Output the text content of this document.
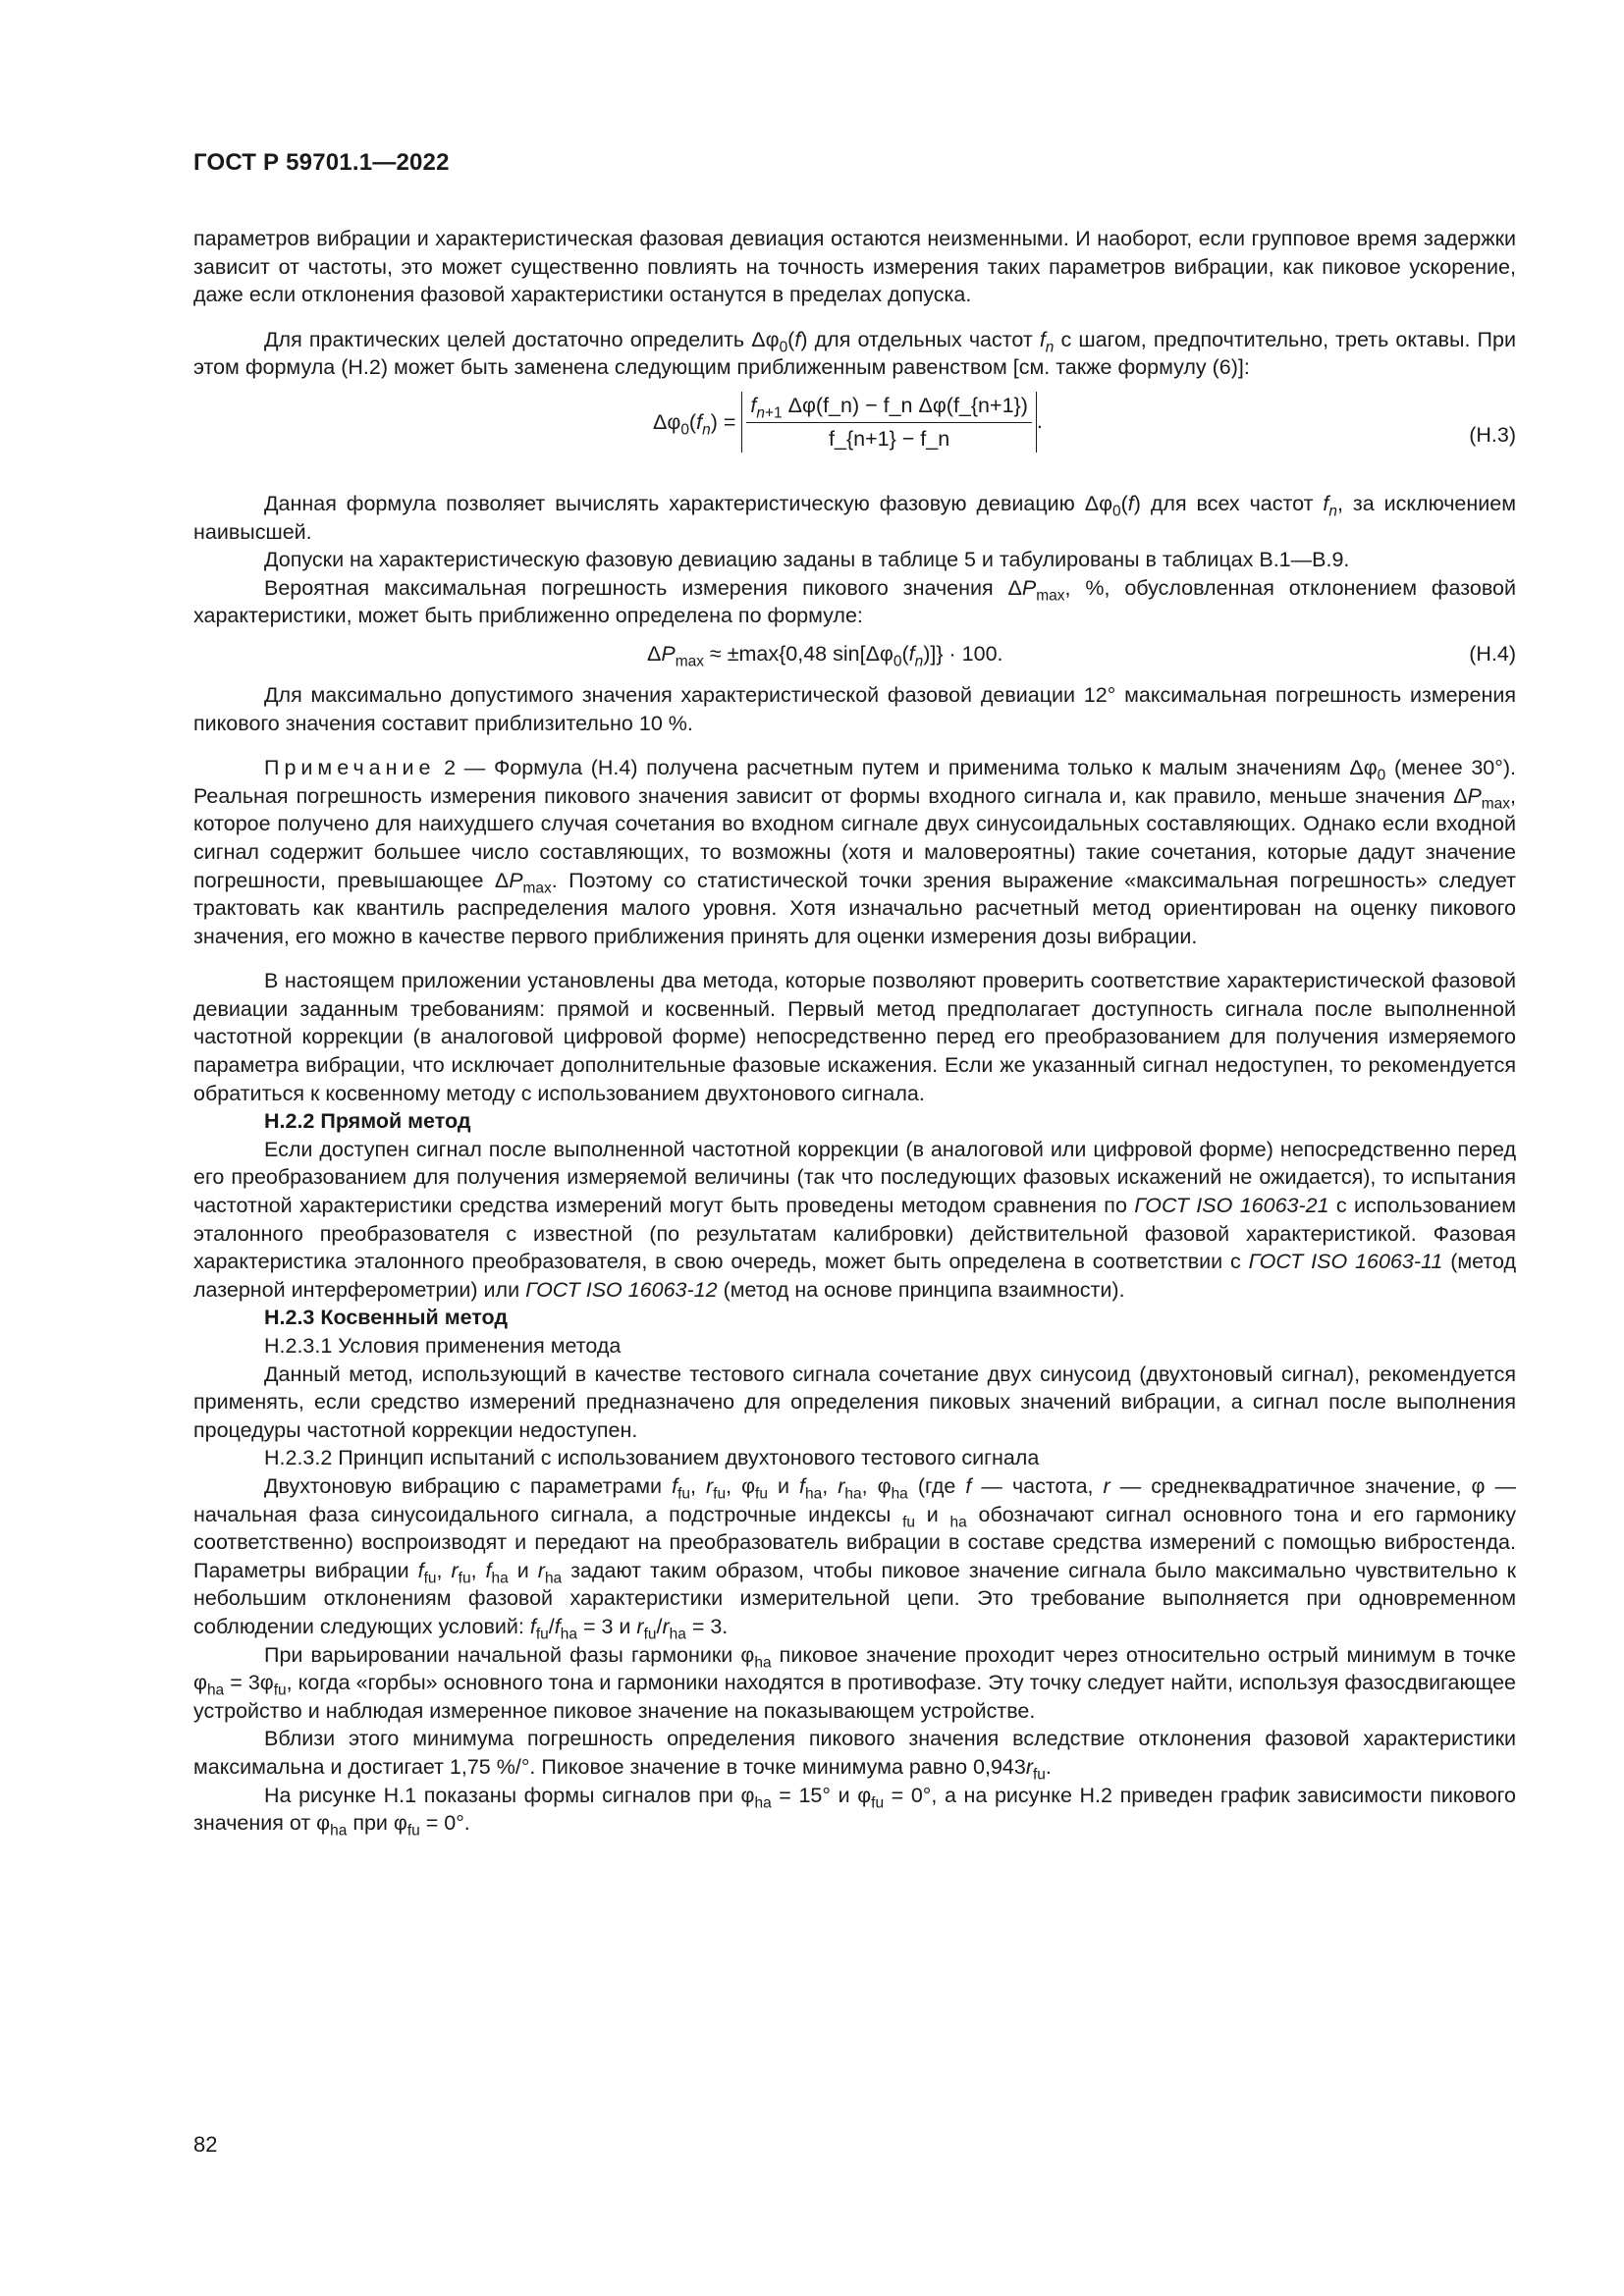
ГОСТ Р 59701.1—2022

параметров вибрации и характеристическая фазовая девиация остаются неизменными. И наоборот, если групповое время задержки зависит от частоты, это может существенно повлиять на точность измерения таких параметров вибрации, как пиковое ускорение, даже если отклонения фазовой характеристики останутся в пределах допуска.

Для практических целей достаточно определить $\Delta\varphi_0(f)$ для отдельных частот $f_n$ с шагом, предпочтительно, треть октавы. При этом формула (Н.2) может быть заменена следующим приближенным равенством [см. также формулу (6)]:

$\Delta\varphi_0(f_n) = \frac{f_{n+1} \Delta\varphi(f\_n) - f\_n \Delta\varphi(f\_\{n+1\})}{f\_\{n+1\} - f\_n}$ .
(Н.3)

Данная формула позволяет вычислять характеристическую фазовую девиацию $\Delta\varphi_0(f)$ для всех частот $f_n$, за исключением наивысшей.

Допуски на характеристическую фазовую девиацию заданы в таблице 5 и табулированы в таблицах В.1—В.9.

Вероятная максимальная погрешность измерения пикового значения $\Delta P_{max}$, %, обусловленная отклонением фазовой характеристики, может быть приближенно определена по формуле:

$\Delta P_{max} \approx \pm\max\{0,48$ $\sin[\Delta\varphi_0(f_n)]\} \cdot 100$.	(Н.4)

Для максимально допустимого значения характеристической фазовой девиации 12° максимальная погрешность измерения пикового значения составит приблизительно 10 %.

Примечание 2 — Формула (Н.4) получена расчетным путем и применима только к малым значениям $\Delta\varphi_0$ (менее 30°). Реальная погрешность измерения пикового значения зависит от формы входного сигнала и, как правило, меньше значения $\Delta P_{max}$, которое получено для наихудшего случая сочетания во входном сигнале двух синусоидальных составляющих. Однако если входной сигнал содержит большее число составляющих, то возможны (хотя и маловероятны) такие сочетания, которые дадут значение погрешности, превышающее $\Delta P_{max}$. Поэтому со статистической точки зрения выражение «максимальная погрешность» следует трактовать как квантиль распределения малого уровня. Хотя изначально расчетный метод ориентирован на оценку пикового значения, его можно в качестве первого приближения принять для оценки измерения дозы вибрации.

В настоящем приложении установлены два метода, которые позволяют проверить соответствие характеристической фазовой девиации заданным требованиям: прямой и косвенный. Первый метод предполагает доступность сигнала после выполненной частотной коррекции (в аналоговой цифровой форме) непосредственно перед его преобразованием для получения измеряемого параметра вибрации, что исключает дополнительные фазовые искажения. Если же указанный сигнал недоступен, то рекомендуется обратиться к косвенному методу с использованием двухтонового сигнала.

Н.2.2 Прямой метод

Если доступен сигнал после выполненной частотной коррекции (в аналоговой или цифровой форме) непосредственно перед его преобразованием для получения измеряемой величины (так что последующих фазовых искажений не ожидается), то испытания частотной характеристики средства измерений могут быть проведены методом сравнения по ГОСТ ISO 16063-21 с использованием эталонного преобразователя с известной (по результатам калибровки) действительной фазовой характеристикой. Фазовая характеристика эталонного преобразователя, в свою очередь, может быть определена в соответствии с ГОСТ ISO 16063-11 (метод лазерной интерферометрии) или ГОСТ ISO 16063-12 (метод на основе принципа взаимности).

Н.2.3 Косвенный метод

Н.2.3.1 Условия применения метода

Данный метод, использующий в качестве тестового сигнала сочетание двух синусоид (двухтоновый сигнал), рекомендуется применять, если средство измерений предназначено для определения пиковых значений вибрации, а сигнал после выполнения процедуры частотной коррекции недоступен.

Н.2.3.2 Принцип испытаний с использованием двухтонового тестового сигнала

Двухтоновую вибрацию с параметрами $f_{fu}$, $r_{fu}$, $\varphi_{fu}$ и $f_{ha}$, $r_{ha}$, $\varphi_{ha}$ (где f — частота, r — среднеквадратичное значение, φ — начальная фаза синусоидального сигнала, а подстрочные индексы $_{fu}$ и $_{ha}$ обозначают сигнал основного тона и его гармонику соответственно) воспроизводят и передают на преобразователь вибрации в составе средства измерений с помощью вибростенда. Параметры вибрации $f_{fu}$, $r_{fu}$, $f_{ha}$ и $r_{ha}$ задают таким образом, чтобы пиковое значение сигнала было максимально чувствительно к небольшим отклонениям фазовой характеристики измерительной цепи. Это требование выполняется при одновременном соблюдении следующих условий: $f_{fu}/f_{ha} = 3$ и $r_{fu}/r_{ha} = 3$.

При варьировании начальной фазы гармоники $\varphi_{ha}$ пиковое значение проходит через относительно острый минимум в точке $\varphi_{ha} = 3\varphi_{fu}$, когда «горбы» основного тона и гармоники находятся в противофазе. Эту точку следует найти, используя фазосдвигающее устройство и наблюдая измеренное пиковое значение на показывающем устройстве.

Вблизи этого минимума погрешность определения пикового значения вследствие отклонения фазовой характеристики максимальна и достигает 1,75 %/°. Пиковое значение в точке минимума равно $0,943r_{fu}$.

На рисунке Н.1 показаны формы сигналов при $\varphi_{ha} = 15^\circ$ и $\varphi_{fu} = 0^\circ$, а на рисунке Н.2 приведен график зависимости пикового значения от $\varphi_{ha}$ при $\varphi_{fu} = 0^\circ$.

82
